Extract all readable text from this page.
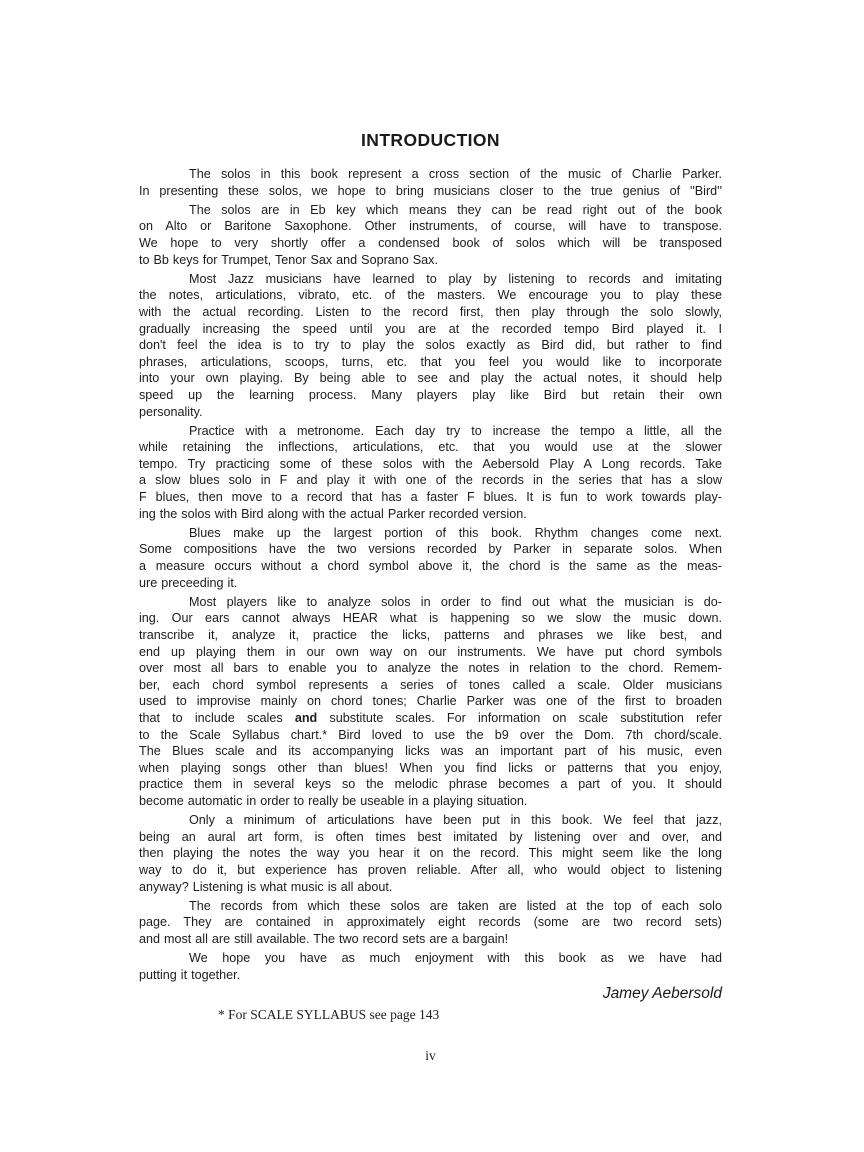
INTRODUCTION
The solos in this book represent a cross section of the music of Charlie Parker.
In presenting these solos, we hope to bring musicians closer to the true genius of ''Bird''
The solos are in Eb key which means they can be read right out of the book
on Alto or Baritone Saxophone. Other instruments, of course, will have to transpose.
We hope to very shortly offer a condensed book of solos which will be transposed
to Bb keys for Trumpet, Tenor Sax and Soprano Sax.
Most Jazz musicians have learned to play by listening to records and imitating
the notes, articulations, vibrato, etc. of the masters. We encourage you to play these
with the actual recording. Listen to the record first, then play through the solo slowly,
gradually increasing the speed until you are at the recorded tempo Bird played it. I
don't feel the idea is to try to play the solos exactly as Bird did, but rather to find
phrases, articulations, scoops, turns, etc. that you feel you would like to incorporate
into your own playing. By being able to see and play the actual notes, it should help
speed up the learning process. Many players play like Bird but retain their own
personality.
Practice with a metronome. Each day try to increase the tempo a little, all the
while retaining the inflections, articulations, etc. that you would use at the slower
tempo. Try practicing some of these solos with the Aebersold Play A Long records. Take
a slow blues solo in F and play it with one of the records in the series that has a slow
F blues, then move to a record that has a faster F blues. It is fun to work towards play-
ing the solos with Bird along with the actual Parker recorded version.
Blues make up the largest portion of this book. Rhythm changes come next.
Some compositions have the two versions recorded by Parker in separate solos. When
a measure occurs without a chord symbol above it, the chord is the same as the meas-
ure preceeding it.
Most players like to analyze solos in order to find out what the musician is do-
ing. Our ears cannot always HEAR what is happening so we slow the music down.
transcribe it, analyze it, practice the licks, patterns and phrases we like best, and
end up playing them in our own way on our instruments. We have put chord symbols
over most all bars to enable you to analyze the notes in relation to the chord. Remem-
ber, each chord symbol represents a series of tones called a scale. Older musicians
used to improvise mainly on chord tones; Charlie Parker was one of the first to broaden
that to include scales and substitute scales. For information on scale substitution refer
to the Scale Syllabus chart.* Bird loved to use the b9 over the Dom. 7th chord/scale.
The Blues scale and its accompanying licks was an important part of his music, even
when playing songs other than blues! When you find licks or patterns that you enjoy,
practice them in several keys so the melodic phrase becomes a part of you. It should
become automatic in order to really be useable in a playing situation.
Only a minimum of articulations have been put in this book. We feel that jazz,
being an aural art form, is often times best imitated by listening over and over, and
then playing the notes the way you hear it on the record. This might seem like the long
way to do it, but experience has proven reliable. After all, who would object to listening
anyway? Listening is what music is all about.
The records from which these solos are taken are listed at the top of each solo
page. They are contained in approximately eight records (some are two record sets)
and most all are still available. The two record sets are a bargain!
We hope you have as much enjoyment with this book as we have had
putting it together.
Jamey Aebersold
* For SCALE SYLLABUS see page 143
iv
